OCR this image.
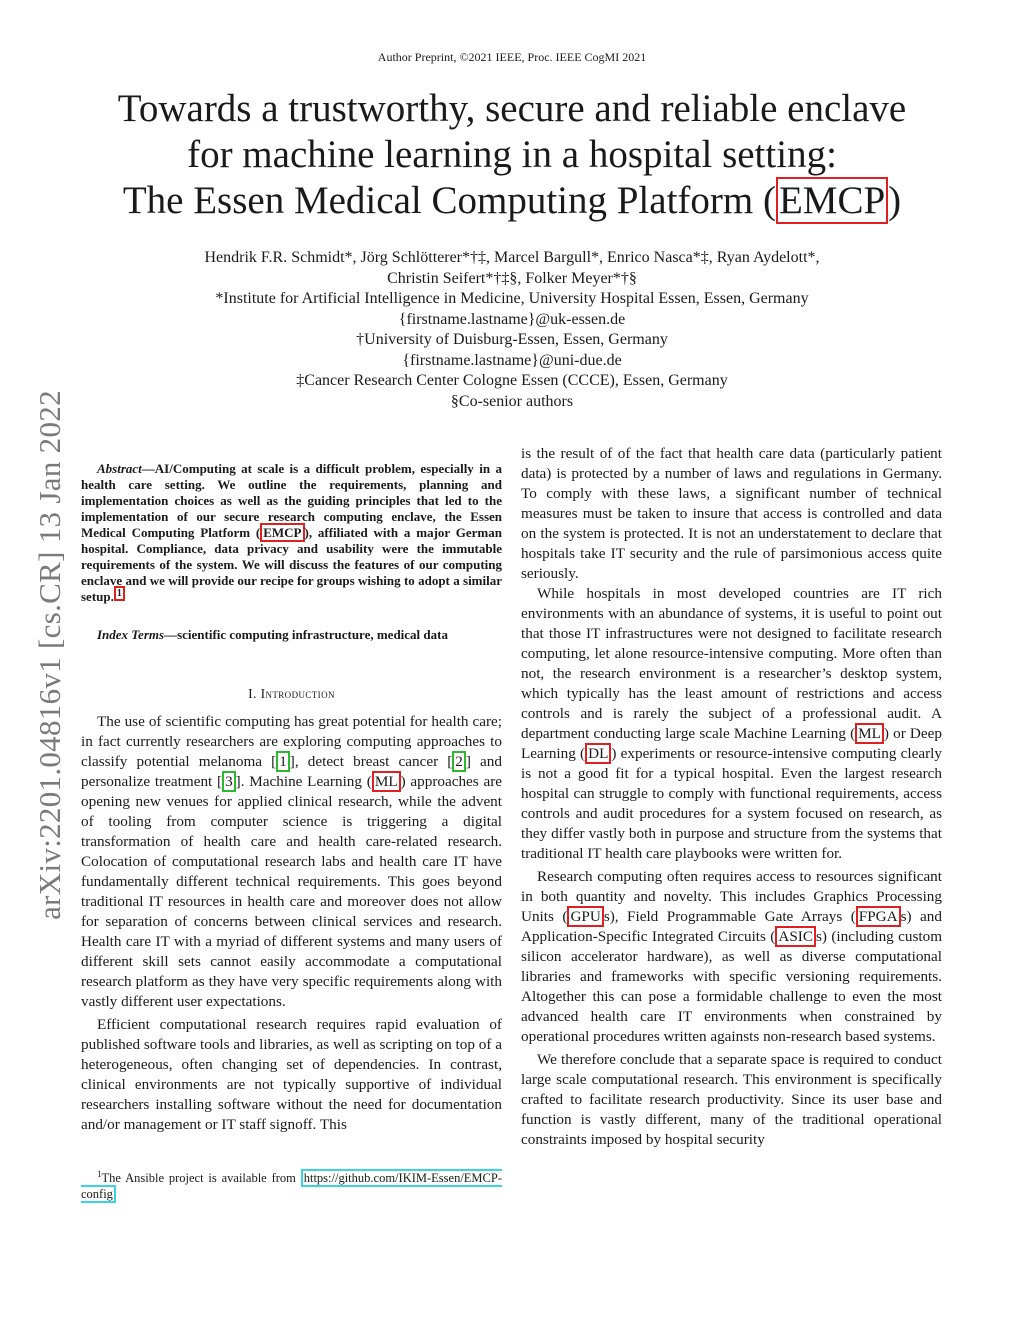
Author Preprint, ©2021 IEEE, Proc. IEEE CogMI 2021
Towards a trustworthy, secure and reliable enclave
for machine learning in a hospital setting:
The Essen Medical Computing Platform (EMCP)
Hendrik F.R. Schmidt*, Jörg Schlötterer*†‡, Marcel Bargull*, Enrico Nasca*‡, Ryan Aydelott*,
Christin Seifert*†‡§, Folker Meyer*†§
*Institute for Artificial Intelligence in Medicine, University Hospital Essen, Essen, Germany
{firstname.lastname}@uk-essen.de
†University of Duisburg-Essen, Essen, Germany
{firstname.lastname}@uni-due.de
‡Cancer Research Center Cologne Essen (CCCE), Essen, Germany
§Co-senior authors
arXiv:2201.04816v1 [cs.CR] 13 Jan 2022	Abstract—AI/Computing at scale is a difficult problem, especially in a health care setting. We outline the requirements, planning and implementation choices as well as the guiding principles that led to the implementation of our secure research computing enclave, the Essen Medical Computing Platform ( EMCP ), affiliated with a major German hospital. Compliance, data privacy and usability were the immutable requirements of the system. We will discuss the features of our computing enclave and we will provide our recipe for groups wishing to adopt a similar setup. $^1$
Index Terms—scientific computing infrastructure, medical data
I. Introduction
The use of scientific computing has great potential for health care; in fact currently researchers are exploring computing approaches to classify potential melanoma [ 1 ], detect breast cancer [ 2 ] and personalize treatment [ 3 ]. Machine Learning ( ML ) approaches are opening new venues for applied clinical research, while the advent of tooling from computer science is triggering a digital transformation of health care and health care-related research. Colocation of computational research labs and health care IT have fundamentally different technical requirements. This goes beyond traditional IT resources in health care and moreover does not allow for separation of concerns between clinical services and research. Health care IT with a myriad of different systems and many users of different skill sets cannot easily accommodate a computational research platform as they have very specific requirements along with vastly different user expectations.
Efficient computational research requires rapid evaluation of published software tools and libraries, as well as scripting on top of a heterogeneous, often changing set of dependencies. In contrast, clinical environments are not typically supportive of individual researchers installing software without the need for documentation and/or management or IT staff signoff. This
$^1$The Ansible project is available from https://github.com/IKIM-Essen/EMCP-config
is the result of of the fact that health care data (particularly patient data) is protected by a number of laws and regulations in Germany. To comply with these laws, a significant number of technical measures must be taken to insure that access is controlled and data on the system is protected. It is not an understatement to declare that hospitals take IT security and the rule of parsimonious access quite seriously.
While hospitals in most developed countries are IT rich environments with an abundance of systems, it is useful to point out that those IT infrastructures were not designed to facilitate research computing, let alone resource-intensive computing. More often than not, the research environment is a researcher’s desktop system, which typically has the least amount of restrictions and access controls and is rarely the subject of a professional audit. A department conducting large scale Machine Learning ( ML ) or Deep Learning ( DL ) experiments or resource-intensive computing clearly is not a good fit for a typical hospital. Even the largest research hospital can struggle to comply with functional requirements, access controls and audit procedures for a system focused on research, as they differ vastly both in purpose and structure from the systems that traditional IT health care playbooks were written for.
Research computing often requires access to resources significant in both quantity and novelty. This includes Graphics Processing Units ( GPU s), Field Programmable Gate Arrays ( FPGA s) and Application-Specific Integrated Circuits ( ASIC s) (including custom silicon accelerator hardware), as well as diverse computational libraries and frameworks with specific versioning requirements. Altogether this can pose a formidable challenge to even the most advanced health care IT environments when constrained by operational procedures written againsts non-research based systems.
We therefore conclude that a separate space is required to conduct large scale computational research. This environment is specifically crafted to facilitate research productivity. Since its user base and function is vastly different, many of the traditional operational constraints imposed by hospital security
